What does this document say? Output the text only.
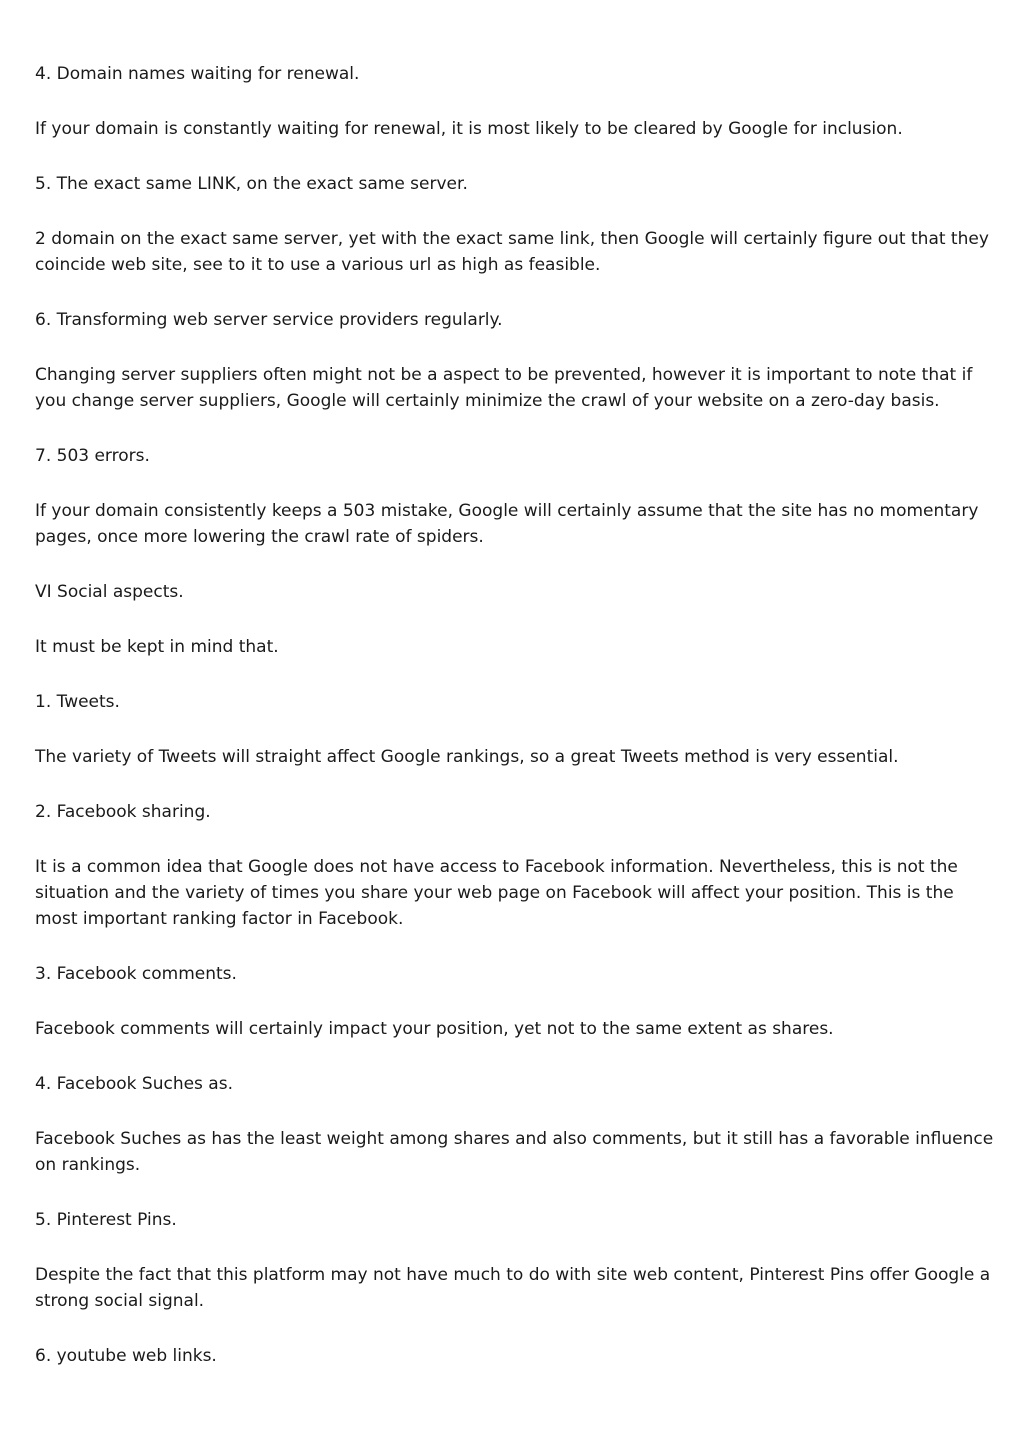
4. Domain names waiting for renewal.

If your domain is constantly waiting for renewal, it is most likely to be cleared by Google for inclusion.

5. The exact same LINK, on the exact same server.

2 domain on the exact same server, yet with the exact same link, then Google will certainly figure out that they coincide web site, see to it to use a various url as high as feasible.

6. Transforming web server service providers regularly.

Changing server suppliers often might not be a aspect to be prevented, however it is important to note that if you change server suppliers, Google will certainly minimize the crawl of your website on a zero-day basis.

7. 503 errors.

If your domain consistently keeps a 503 mistake, Google will certainly assume that the site has no momentary pages, once more lowering the crawl rate of spiders.

VI Social aspects.

It must be kept in mind that.

1. Tweets.

The variety of Tweets will straight affect Google rankings, so a great Tweets method is very essential.

2. Facebook sharing.

It is a common idea that Google does not have access to Facebook information. Nevertheless, this is not the situation and the variety of times you share your web page on Facebook will affect your position. This is the most important ranking factor in Facebook.

3. Facebook comments.

Facebook comments will certainly impact your position, yet not to the same extent as shares.

4. Facebook Suches as.

Facebook Suches as has the least weight among shares and also comments, but it still has a favorable influence on rankings.

5. Pinterest Pins.

Despite the fact that this platform may not have much to do with site web content, Pinterest Pins offer Google a strong social signal.

6. youtube web links.
